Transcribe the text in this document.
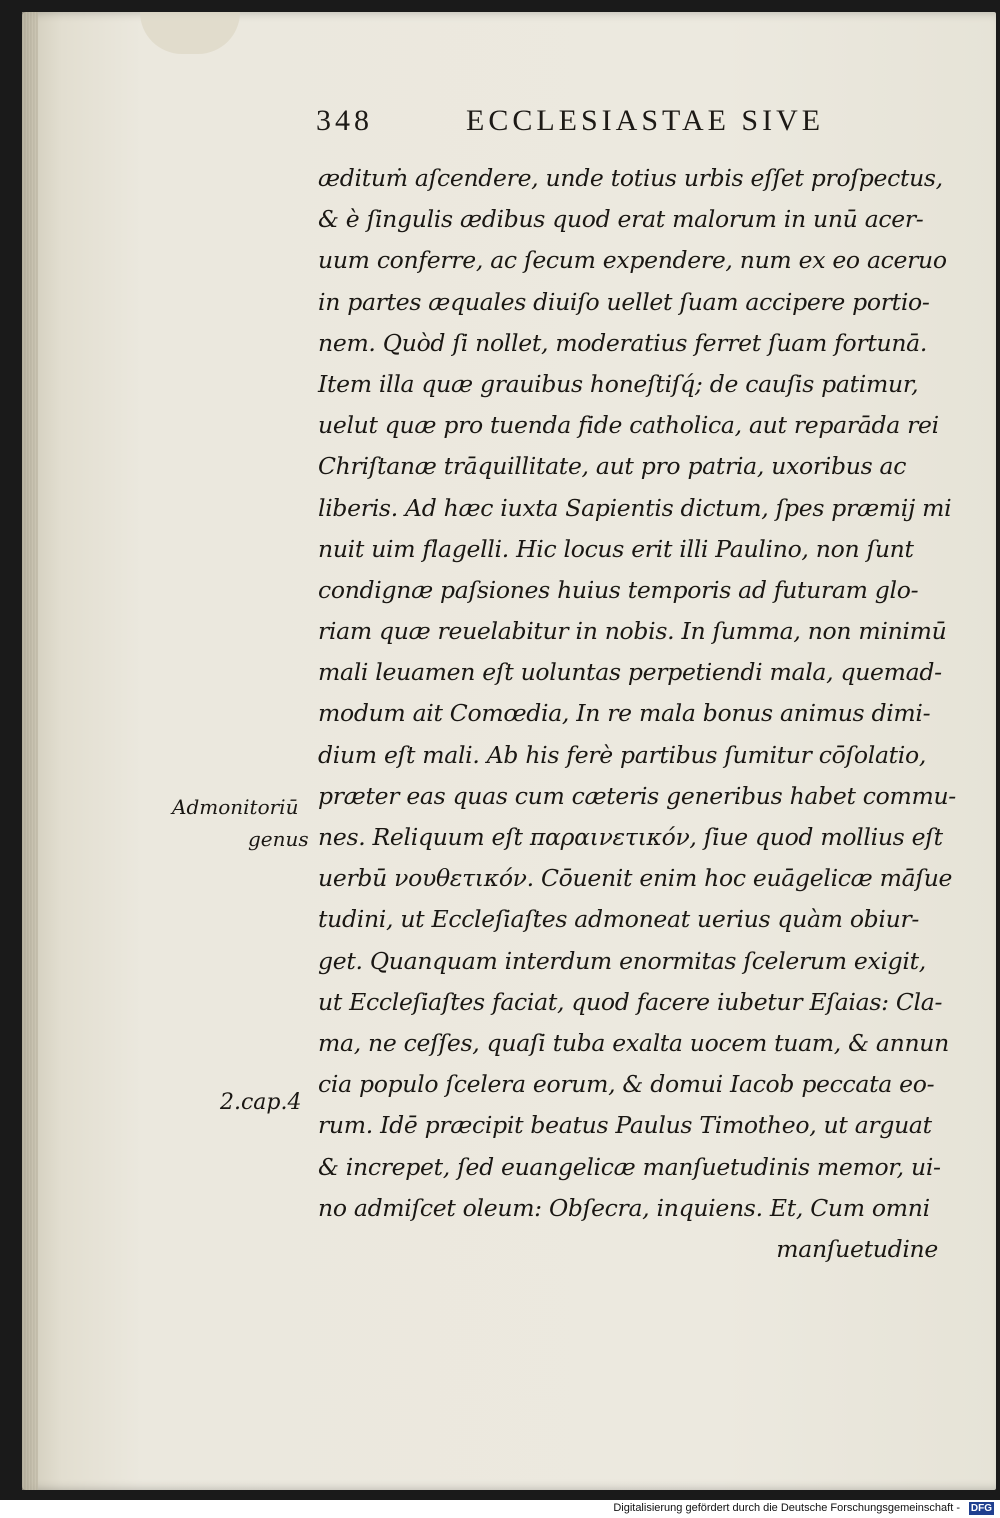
348	ECCLESIASTAE SIVE
ædituṁ aſcendere, unde totius urbis eſſet proſpectus,
& è ſingulis ædibus quod erat malorum in unū acer-
uum conferre, ac ſecum expendere, num ex eo aceruo
in partes æquales diuiſo uellet ſuam accipere portio-
nem. Quòd ſi nollet, moderatius ferret ſuam fortunā.
Item illa quæ grauibus honeſtiſq́; de cauſis patimur,
uelut quæ pro tuenda fide catholica, aut reparāda rei
Chriſtanæ trāquillitate, aut pro patria, uxoribus ac
liberis. Ad hæc iuxta Sapientis dictum, ſpes præmij mi
nuit uim flagelli. Hic locus erit illi Paulino, non ſunt
condignæ paſsiones huius temporis ad futuram glo-
riam quæ reuelabitur in nobis. In ſumma, non minimū
mali leuamen eſt uoluntas perpetiendi mala, quemad-
modum ait Comœdia, In re mala bonus animus dimi-
dium eſt mali. Ab his ferè partibus ſumitur cōſolatio,
præter eas quas cum cæteris generibus habet commu-
nes. Reliquum eſt παραινετικόν, ſiue quod mollius eſt
uerbū νουθετικόν. Cōuenit enim hoc euāgelicæ māſue
tudini, ut Eccleſiaſtes admoneat uerius quàm obiur-
get. Quanquam interdum enormitas ſcelerum exigit,
ut Eccleſiaſtes faciat, quod facere iubetur Eſaias: Cla-
ma, ne ceſſes, quaſi tuba exalta uocem tuam, & annun
cia populo ſcelera eorum, & domui Iacob peccata eo-
rum. Idē præcipit beatus Paulus Timotheo, ut arguat
& increpet, ſed euangelicæ manſuetudinis memor, ui-
no admiſcet oleum: Obſecra, inquiens. Et, Cum omni
manſuetudine
Admonitoriū
genus
2.cap.4
Digitalisierung gefördert durch die Deutsche Forschungsgemeinschaft - DFG
